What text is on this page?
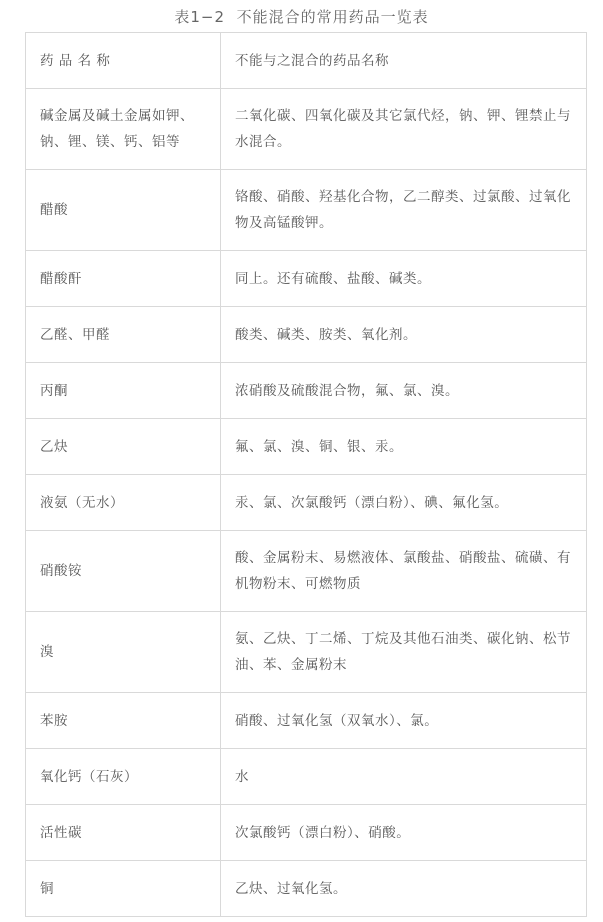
表1−2  不能混合的常用药品一览表
药 品 名 称	不能与之混合的药品名称
碱金属及碱土金属如钾、钠、锂、镁、钙、铝等	二氧化碳、四氧化碳及其它氯代烃，钠、钾、锂禁止与水混合。
醋酸	铬酸、硝酸、羟基化合物，乙二醇类、过氯酸、过氧化物及高锰酸钾。
醋酸酐	同上。还有硫酸、盐酸、碱类。
乙醛、甲醛	酸类、碱类、胺类、氧化剂。
丙酮	浓硝酸及硫酸混合物，氟、氯、溴。
乙炔	氟、氯、溴、铜、银、汞。
液氨（无水）	汞、氯、次氯酸钙（漂白粉）、碘、氟化氢。
硝酸铵	酸、金属粉末、易燃液体、氯酸盐、硝酸盐、硫磺、有机物粉末、可燃物质
溴	氨、乙炔、丁二烯、丁烷及其他石油类、碳化钠、松节油、苯、金属粉末
苯胺	硝酸、过氧化氢（双氧水）、氯。
氧化钙（石灰）	水
活性碳	次氯酸钙（漂白粉）、硝酸。
铜	乙炔、过氧化氢。
